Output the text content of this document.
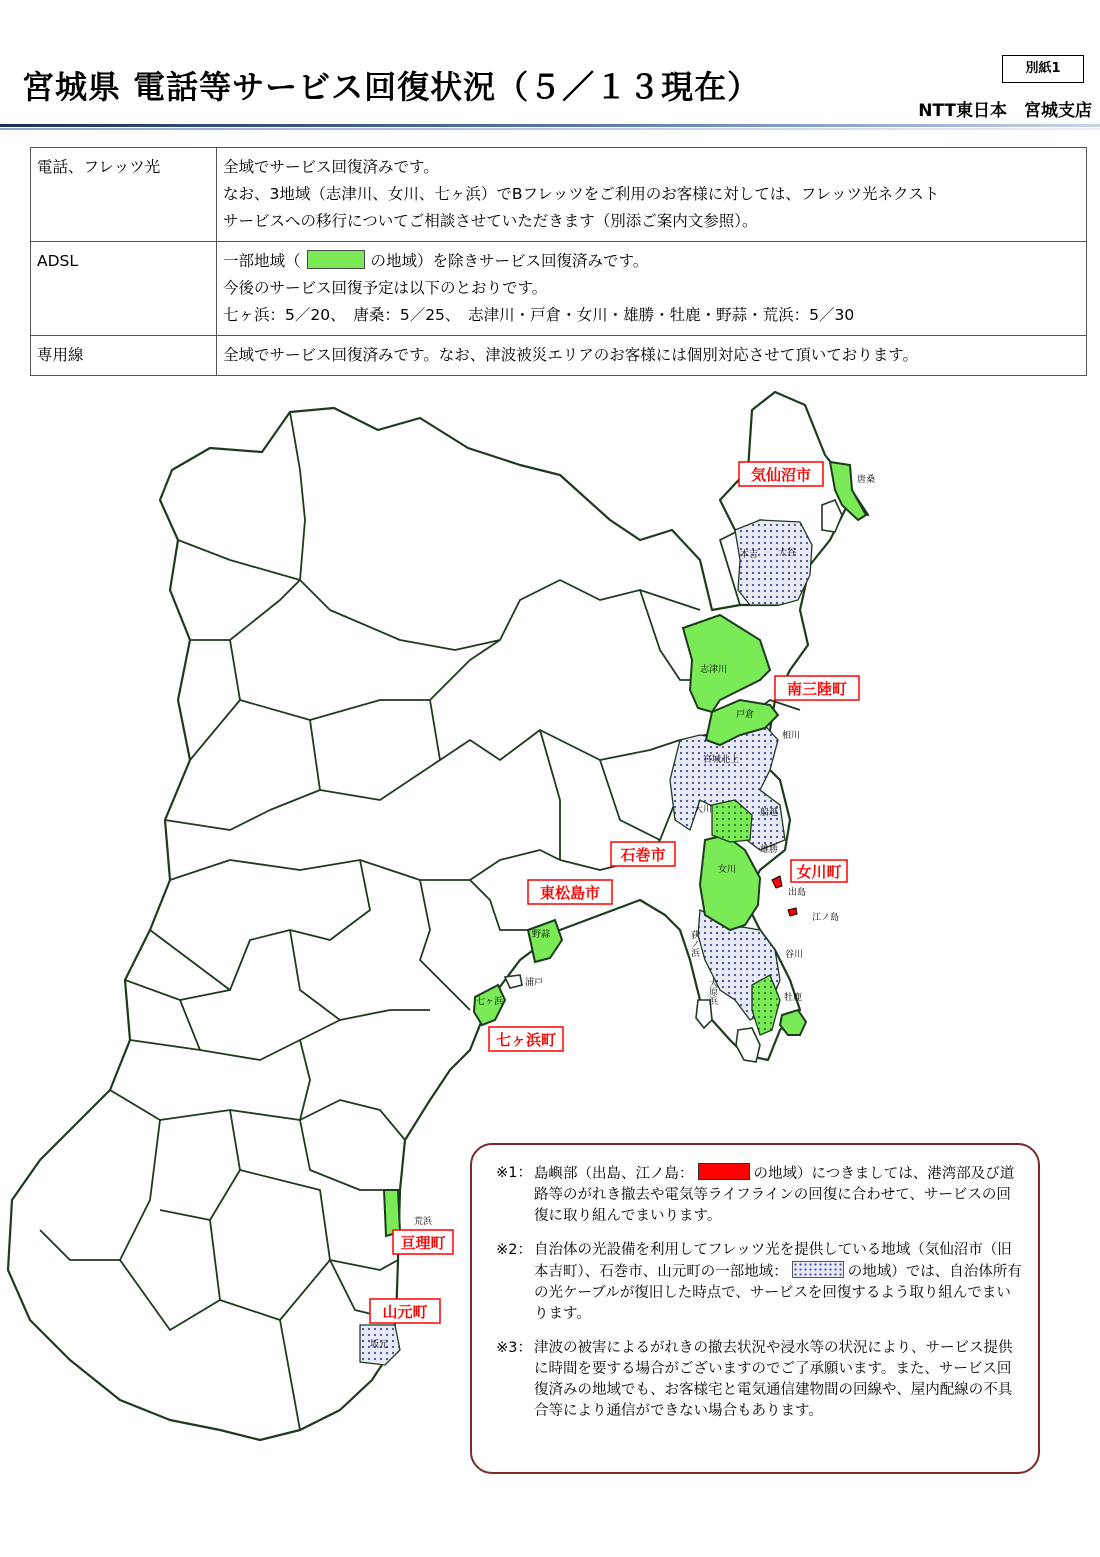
宮城県 電話等サービス回復状況（５／１３現在）	別紙1
NTT東日本　宮城支店
電話、フレッツ光	全域でサービス回復済みです。
なお、3地域（志津川、女川、七ヶ浜）でBフレッツをご利用のお客様に対しては、フレッツ光ネクスト
サービスへの移行についてご相談させていただきます（別添ご案内文参照）。

ADSL	一部地域（ の地域）を除きサービス回復済みです。
今後のサービス回復予定は以下のとおりです。
七ヶ浜：5／20、　唐桑：5／25、　志津川・戸倉・女川・雄勝・牡鹿・野蒜・荒浜：5／30

専用線	全域でサービス回復済みです。なお、津波被災エリアのお客様には個別対応させて頂いております。
気仙沼市
南三陸町
石巻市
女川町
東松島市
七ヶ浜町
亘理町
山元町
唐桑
本吉 大谷
志津川
戸倉
相川
宮城北上
大川	船越
雄勝
女川
出島
江ノ島
谷川
荻ノ浜
大原浜	牡鹿
野蒜
浦戸
七ヶ浜
荒浜
坂元
※1： 島嶼部（出島、江ノ島：	の地域）につきましては、港湾部及び道路等のがれき撤去や電気等ライフラインの回復に合わせて、サービスの回復に取り組んでまいります。
※2： 自治体の光設備を利用してフレッツ光を提供している地域（気仙沼市（旧本吉町）、石巻市、山元町の一部地域：	の地域）では、自治体所有の光ケーブルが復旧した時点で、サービスを回復するよう取り組んでまいります。
※3： 津波の被害によるがれきの撤去状況や浸水等の状況により、サービス提供に時間を要する場合がございますのでご了承願います。また、サービス回復済みの地域でも、お客様宅と電気通信建物間の回線や、屋内配線の不具合等により通信ができない場合もあります。
